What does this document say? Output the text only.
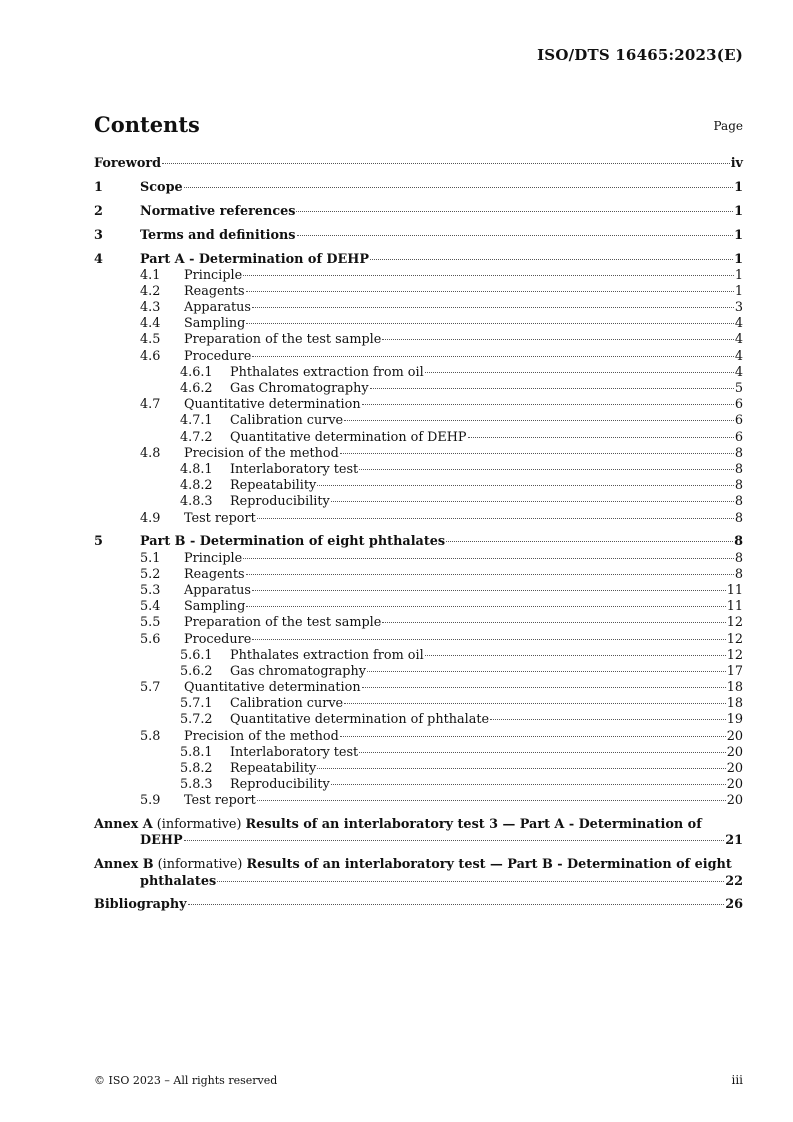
ISO/DTS 16465:2023(E)
Contents	Page
Foreword	iv
1	Scope	1
2	Normative references	1
3	Terms and definitions	1
4	Part A - Determination of DEHP	1
4.1	Principle	1
4.2	Reagents	1
4.3	Apparatus	3
4.4	Sampling	4
4.5	Preparation of the test sample	4
4.6	Procedure	4
4.6.1	Phthalates extraction from oil	4
4.6.2	Gas Chromatography	5
4.7	Quantitative determination	6
4.7.1	Calibration curve	6
4.7.2	Quantitative determination of DEHP	6
4.8	Precision of the method	8
4.8.1	Interlaboratory test	8
4.8.2	Repeatability	8
4.8.3	Reproducibility	8
4.9	Test report	8
5	Part B - Determination of eight phthalates	8
5.1	Principle	8
5.2	Reagents	8
5.3	Apparatus	11
5.4	Sampling	11
5.5	Preparation of the test sample	12
5.6	Procedure	12
5.6.1	Phthalates extraction from oil	12
5.6.2	Gas chromatography	17
5.7	Quantitative determination	18
5.7.1	Calibration curve	18
5.7.2	Quantitative determination of phthalate	19
5.8	Precision of the method	20
5.8.1	Interlaboratory test	20
5.8.2	Repeatability	20
5.8.3	Reproducibility	20
5.9	Test report	20
Annex A (informative) Results of an interlaboratory test 3 — Part A - Determination of
DEHP	21
Annex B (informative) Results of an interlaboratory test — Part B - Determination of eight
phthalates	22
Bibliography	26
© ISO 2023 – All rights reserved	iii
